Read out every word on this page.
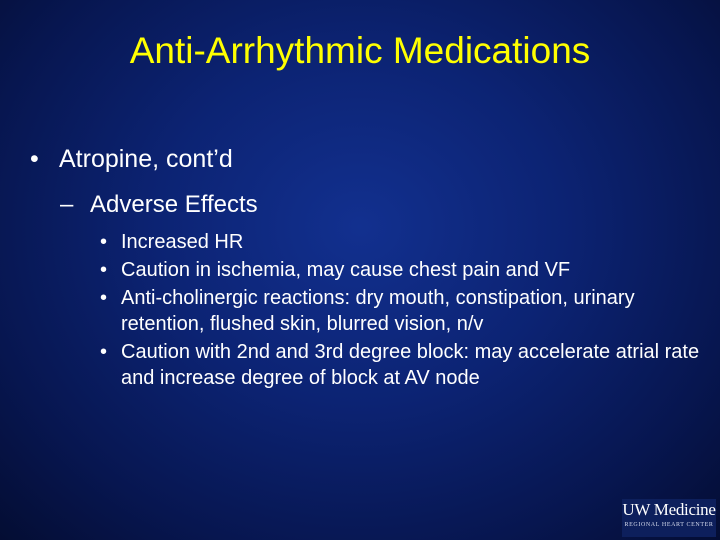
Anti-Arrhythmic Medications
• Atropine, cont’d
– Adverse Effects
• Increased HR
• Caution in ischemia, may cause chest pain and VF
• Anti-cholinergic reactions: dry mouth, constipation, urinary retention, flushed skin, blurred vision, n/v
• Caution with 2nd and 3rd degree block: may accelerate atrial rate and increase degree of block at AV node
UW Medicine
REGIONAL HEART CENTER
